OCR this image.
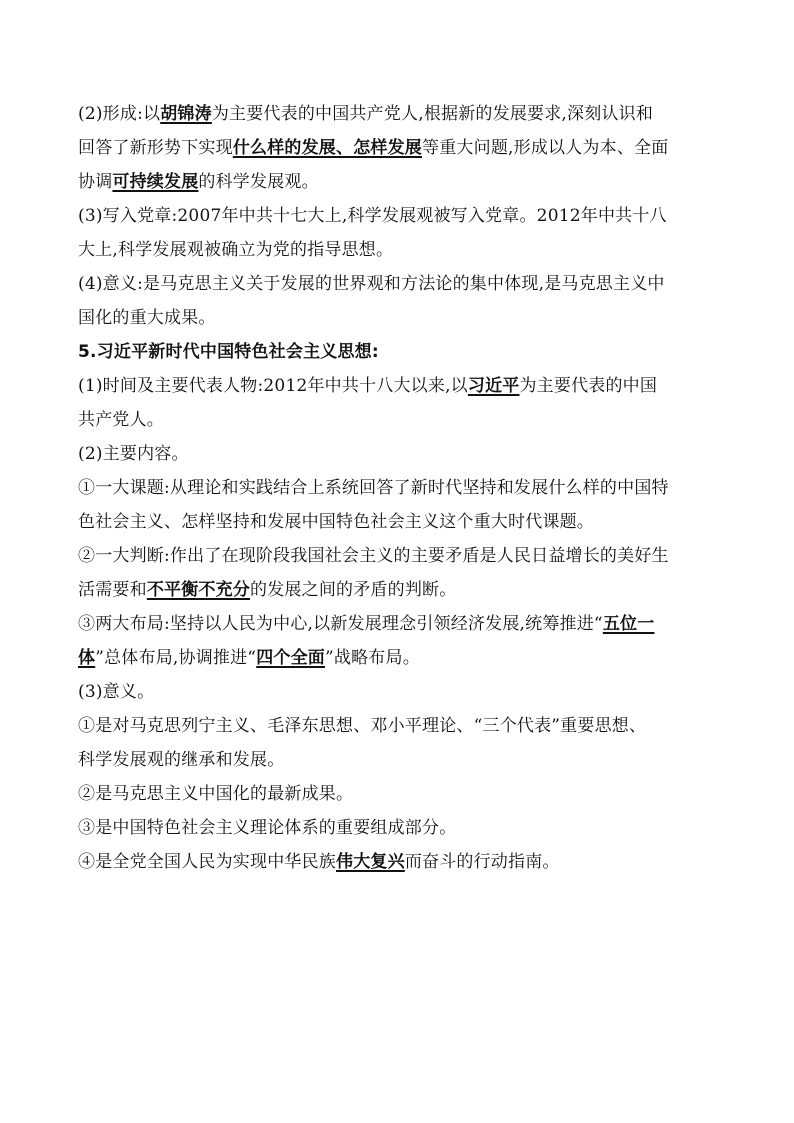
(2)形成:以胡锦涛为主要代表的中国共产党人,根据新的发展要求,深刻认识和
回答了新形势下实现什么样的发展、怎样发展等重大问题,形成以人为本、全面
协调可持续发展的科学发展观。
(3)写入党章:2007年中共十七大上,科学发展观被写入党章。2012年中共十八
大上,科学发展观被确立为党的指导思想。
(4)意义:是马克思主义关于发展的世界观和方法论的集中体现,是马克思主义中
国化的重大成果。
5.习近平新时代中国特色社会主义思想:
(1)时间及主要代表人物:2012年中共十八大以来,以习近平为主要代表的中国
共产党人。
(2)主要内容。
①一大课题:从理论和实践结合上系统回答了新时代坚持和发展什么样的中国特
色社会主义、怎样坚持和发展中国特色社会主义这个重大时代课题。
②一大判断:作出了在现阶段我国社会主义的主要矛盾是人民日益增长的美好生
活需要和不平衡不充分的发展之间的矛盾的判断。
③两大布局:坚持以人民为中心,以新发展理念引领经济发展,统筹推进“五位一
体”总体布局,协调推进“四个全面”战略布局。
(3)意义。
①是对马克思列宁主义、毛泽东思想、邓小平理论、“三个代表”重要思想、
科学发展观的继承和发展。
②是马克思主义中国化的最新成果。
③是中国特色社会主义理论体系的重要组成部分。
④是全党全国人民为实现中华民族伟大复兴而奋斗的行动指南。
